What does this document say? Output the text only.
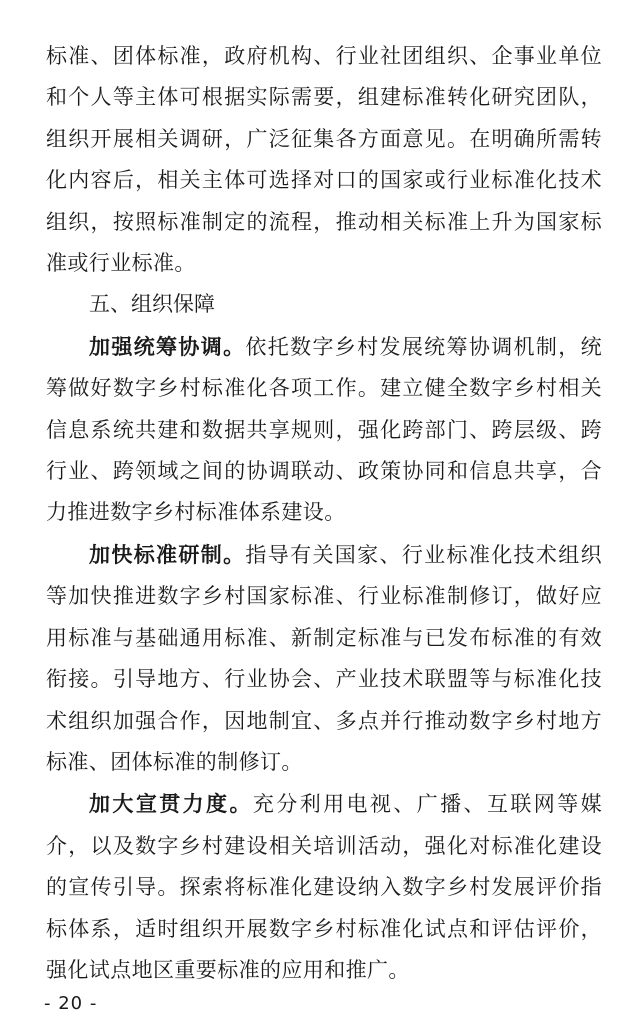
标准、团体标准，政府机构、行业社团组织、企事业单位和个人等主体可根据实际需要，组建标准转化研究团队，组织开展相关调研，广泛征集各方面意见。在明确所需转化内容后，相关主体可选择对口的国家或行业标准化技术组织，按照标准制定的流程，推动相关标准上升为国家标准或行业标准。

五、组织保障

加强统筹协调。依托数字乡村发展统筹协调机制，统筹做好数字乡村标准化各项工作。建立健全数字乡村相关信息系统共建和数据共享规则，强化跨部门、跨层级、跨行业、跨领域之间的协调联动、政策协同和信息共享，合力推进数字乡村标准体系建设。

加快标准研制。指导有关国家、行业标准化技术组织等加快推进数字乡村国家标准、行业标准制修订，做好应用标准与基础通用标准、新制定标准与已发布标准的有效衔接。引导地方、行业协会、产业技术联盟等与标准化技术组织加强合作，因地制宜、多点并行推动数字乡村地方标准、团体标准的制修订。

加大宣贯力度。充分利用电视、广播、互联网等媒介，以及数字乡村建设相关培训活动，强化对标准化建设的宣传引导。探索将标准化建设纳入数字乡村发展评价指标体系，适时组织开展数字乡村标准化试点和评估评价，强化试点地区重要标准的应用和推广。

- 20 -
